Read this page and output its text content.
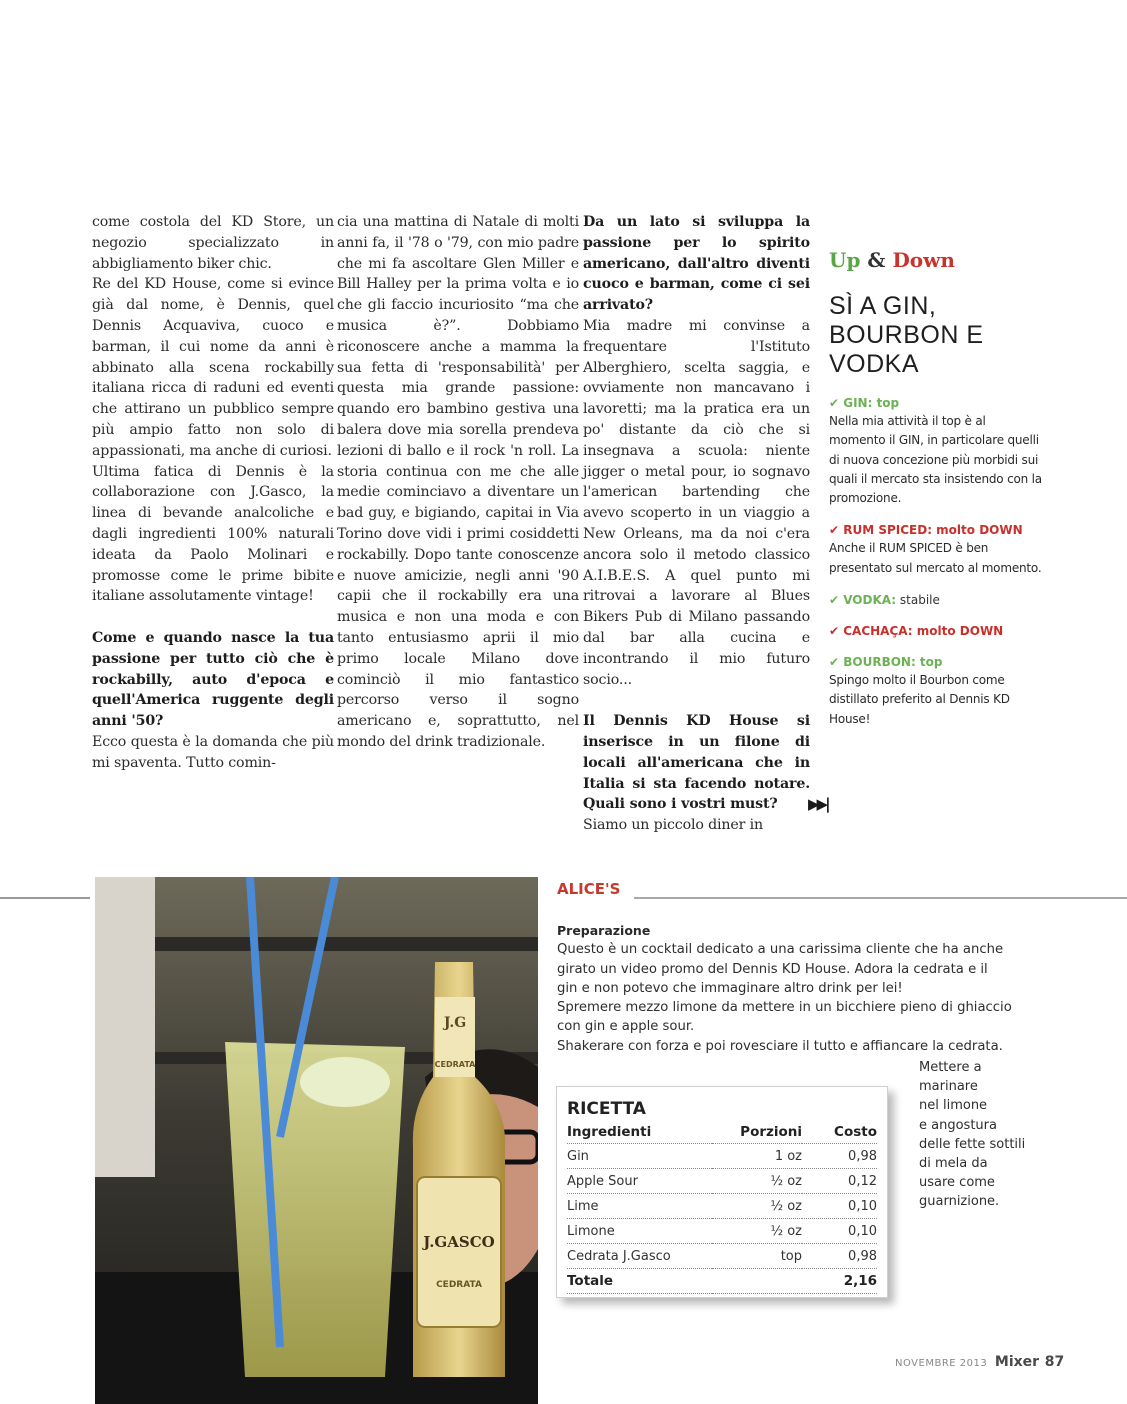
come costola del KD Store, un negozio specializzato in abbigliamento biker chic.

Re del KD House, come si evince già dal nome, è Dennis, quel Dennis Acquaviva, cuoco e barman, il cui nome da anni è abbinato alla scena rockabilly italiana ricca di raduni ed eventi che attirano un pubblico sempre più ampio fatto non solo di appassionati, ma anche di curiosi.

Ultima fatica di Dennis è la collaborazione con J.Gasco, la linea di bevande analcoliche e dagli ingredienti 100% naturali ideata da Paolo Molinari e promosse come le prime bibite italiane assolutamente vintage!

Come e quando nasce la tua passione per tutto ciò che è rockabilly, auto d'epoca e quell'America ruggente degli anni '50?

Ecco questa è la domanda che più mi spaventa. Tutto comin-

cia una mattina di Natale di molti anni fa, il '78 o '79, con mio padre che mi fa ascoltare Glen Miller e Bill Halley per la prima volta e io che gli faccio incuriosito “ma che musica è?”. Dobbiamo riconoscere anche a mamma la sua fetta di 'responsabilità' per questa mia grande passione: quando ero bambino gestiva una balera dove mia sorella prendeva lezioni di ballo e il rock 'n roll. La storia continua con me che alle medie cominciavo a diventare un bad guy, e bigiando, capitai in Via Torino dove vidi i primi cosiddetti rockabilly. Dopo tante conoscenze e nuove amicizie, negli anni '90 capii che il rockabilly era una musica e non una moda e con tanto entusiasmo aprii il mio primo locale Milano dove cominciò il mio fantastico percorso verso il sogno americano e, soprattutto, nel mondo del drink tradizionale.

Da un lato si sviluppa la passione per lo spirito americano, dall'altro diventi cuoco e barman, come ci sei arrivato?

Mia madre mi convinse a frequentare l'Istituto Alberghiero, scelta saggia, e ovviamente non mancavano i lavoretti; ma la pratica era un po' distante da ciò che si insegnava a scuola: niente jigger o metal pour, io sognavo l'american bartending che avevo scoperto in un viaggio a New Orleans, ma da noi c'era ancora solo il metodo classico A.I.B.E.S. A quel punto mi ritrovai a lavorare al Blues Bikers Pub di Milano passando dal bar alla cucina e incontrando il mio futuro socio...

Il Dennis KD House si inserisce in un filone di locali all'americana che in Italia si sta facendo notare. Quali sono i vostri must?

Siamo un piccolo diner in

▶▶|
Up & Down
SÌ A GIN,
BOURBON E
VODKA
✔ GIN: top
Nella mia attività il top è al momento il GIN, in particolare quelli di nuova concezione più morbidi sui quali il mercato sta insistendo con la promozione.
✔ RUM SPICED: molto DOWN
Anche il RUM SPICED è ben presentato sul mercato al momento.
✔ VODKA: stabile
✔ CACHAÇA: molto DOWN
✔ BOURBON: top
Spingo molto il Bourbon come distillato preferito al Dennis KD House!
J.G
CEDRATA
J.GASCO
CEDRATA
ALICE'S
Preparazione
Questo è un cocktail dedicato a una carissima cliente che ha anche
girato un video promo del Dennis KD House. Adora la cedrata e il
gin e non potevo che immaginare altro drink per lei!
Spremere mezzo limone da mettere in un bicchiere pieno di ghiaccio
con gin e apple sour.
Shakerare con forza e poi rovesciare il tutto e affiancare la cedrata.
Mettere a
marinare
nel limone
e angostura
delle fette sottili
di mela da
usare come
guarnizione.
RICETTA
Ingredienti	Porzioni	Costo
Gin	1 oz	0,98
Apple Sour	½ oz	0,12
Lime	½ oz	0,10
Limone	½ oz	0,10
Cedrata J.Gasco	top	0,98
Totale		2,16
NOVEMBRE 2013 Mixer 87
